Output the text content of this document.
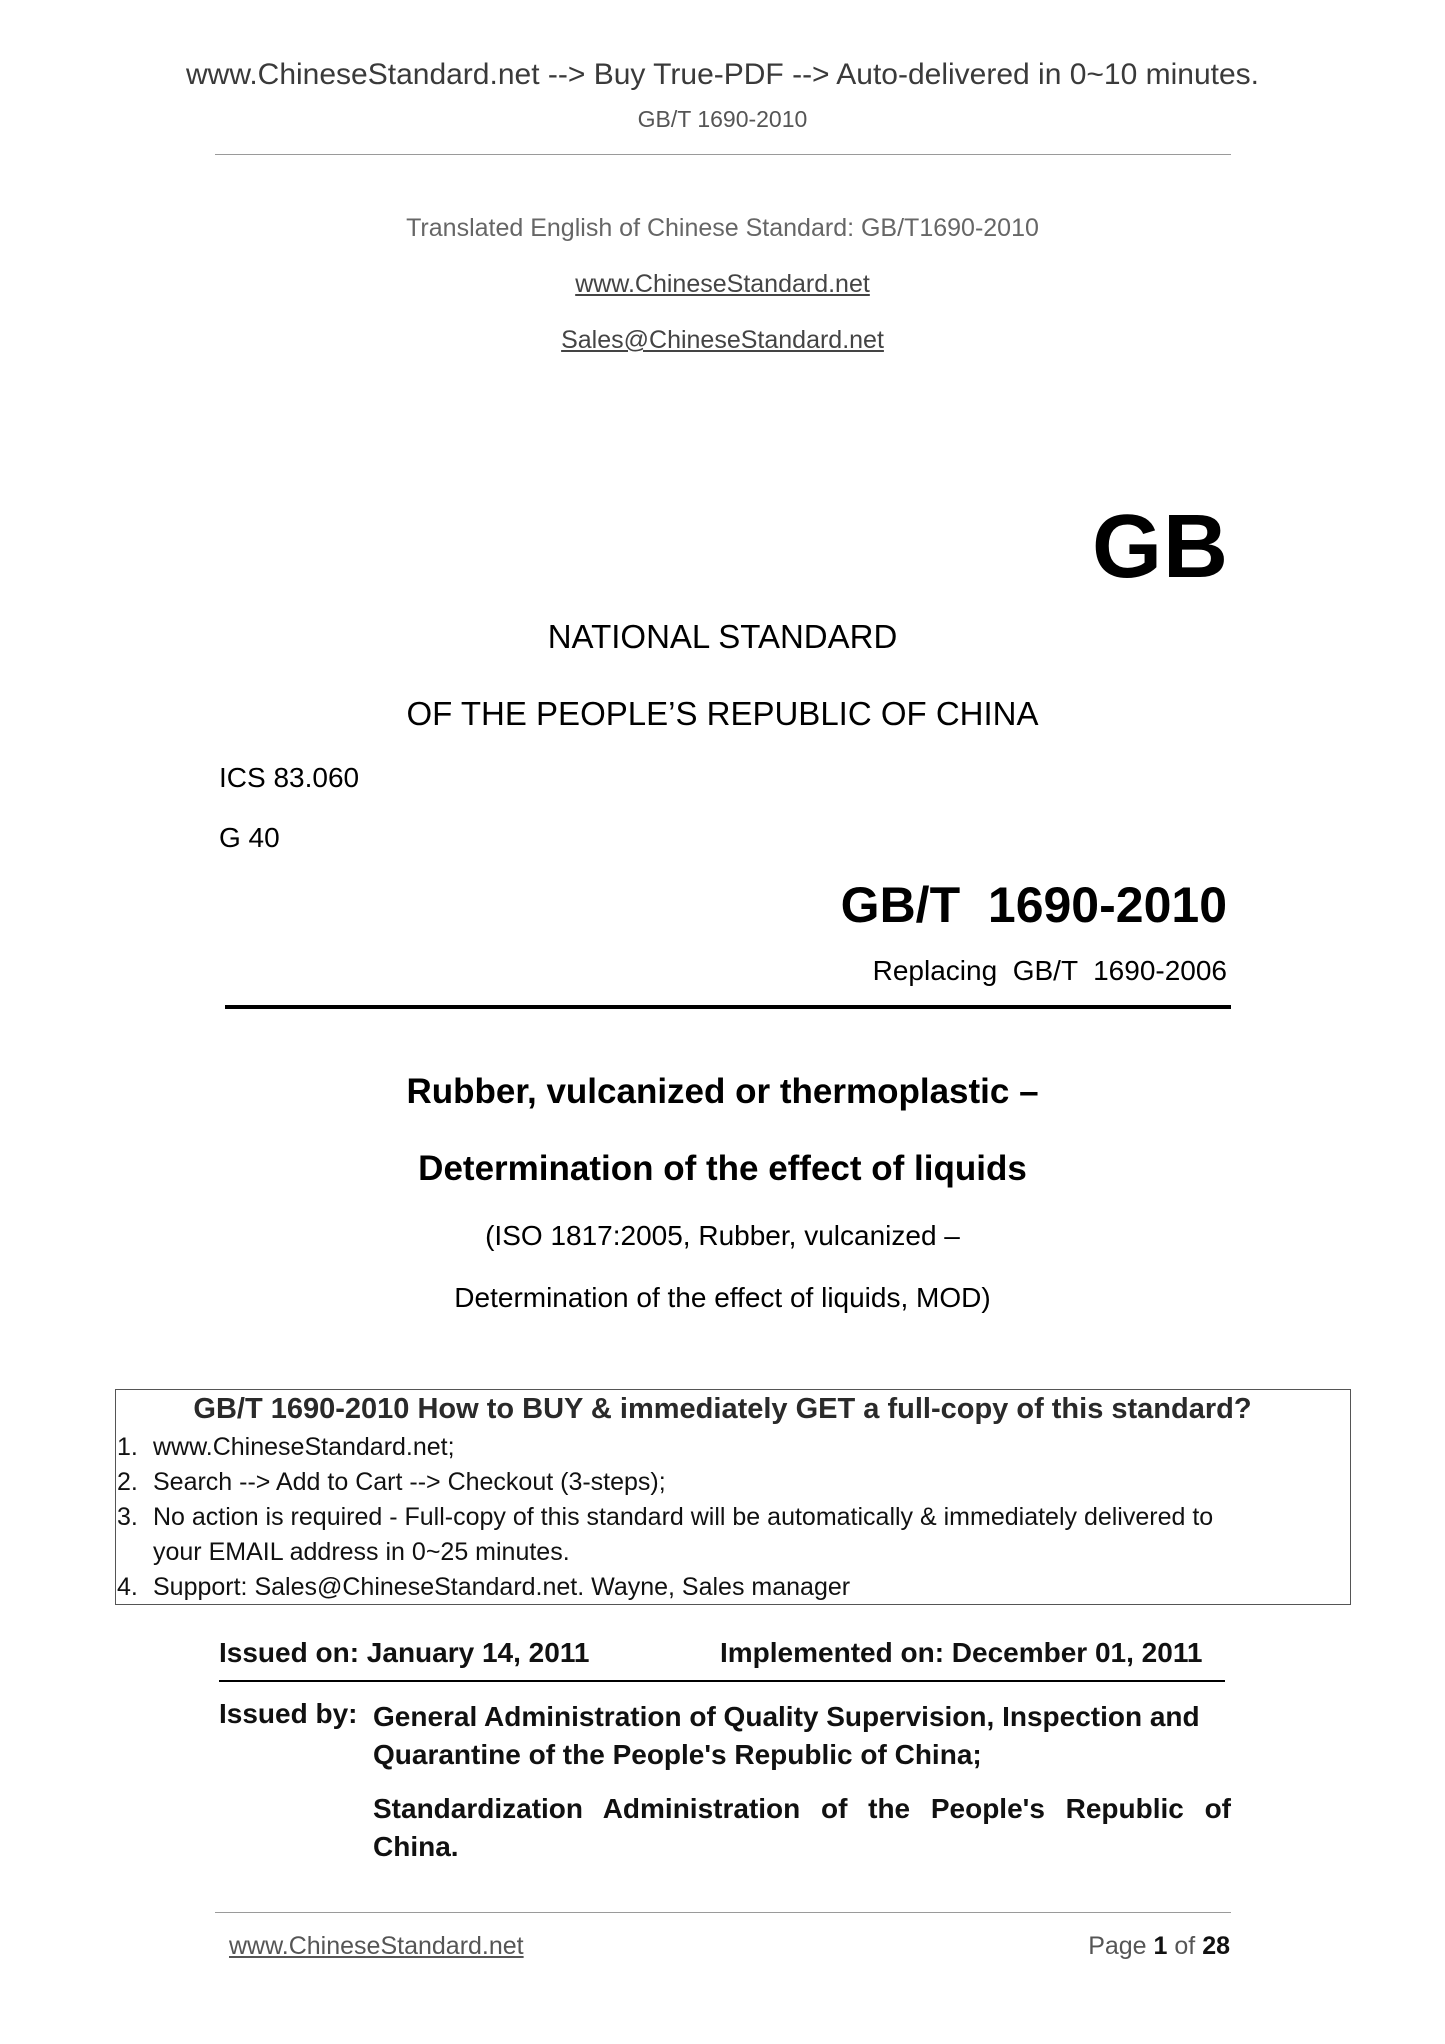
www.ChineseStandard.net --> Buy True-PDF --> Auto-delivered in 0~10 minutes.
GB/T 1690-2010
Translated English of Chinese Standard: GB/T1690-2010
www.ChineseStandard.net
Sales@ChineseStandard.net
GB
NATIONAL STANDARD
OF THE PEOPLE’S REPUBLIC OF CHINA
ICS 83.060
G 40
GB/T  1690-2010
Replacing  GB/T  1690-2006
Rubber, vulcanized or thermoplastic –
Determination of the effect of liquids
(ISO 1817:2005, Rubber, vulcanized –
Determination of the effect of liquids, MOD)
GB/T 1690-2010 How to BUY & immediately GET a full-copy of this standard?
1. www.ChineseStandard.net;
2. Search --> Add to Cart --> Checkout (3-steps);
3. No action is required - Full-copy of this standard will be automatically & immediately delivered to
your EMAIL address in 0~25 minutes.
4. Support: Sales@ChineseStandard.net. Wayne, Sales manager
Issued on: January 14, 2011	Implemented on: December 01, 2011
Issued by: General Administration of Quality Supervision, Inspection and Quarantine of the People's Republic of China;
Standardization Administration of the People's Republic of China.
www.ChineseStandard.net	Page 1 of 28
